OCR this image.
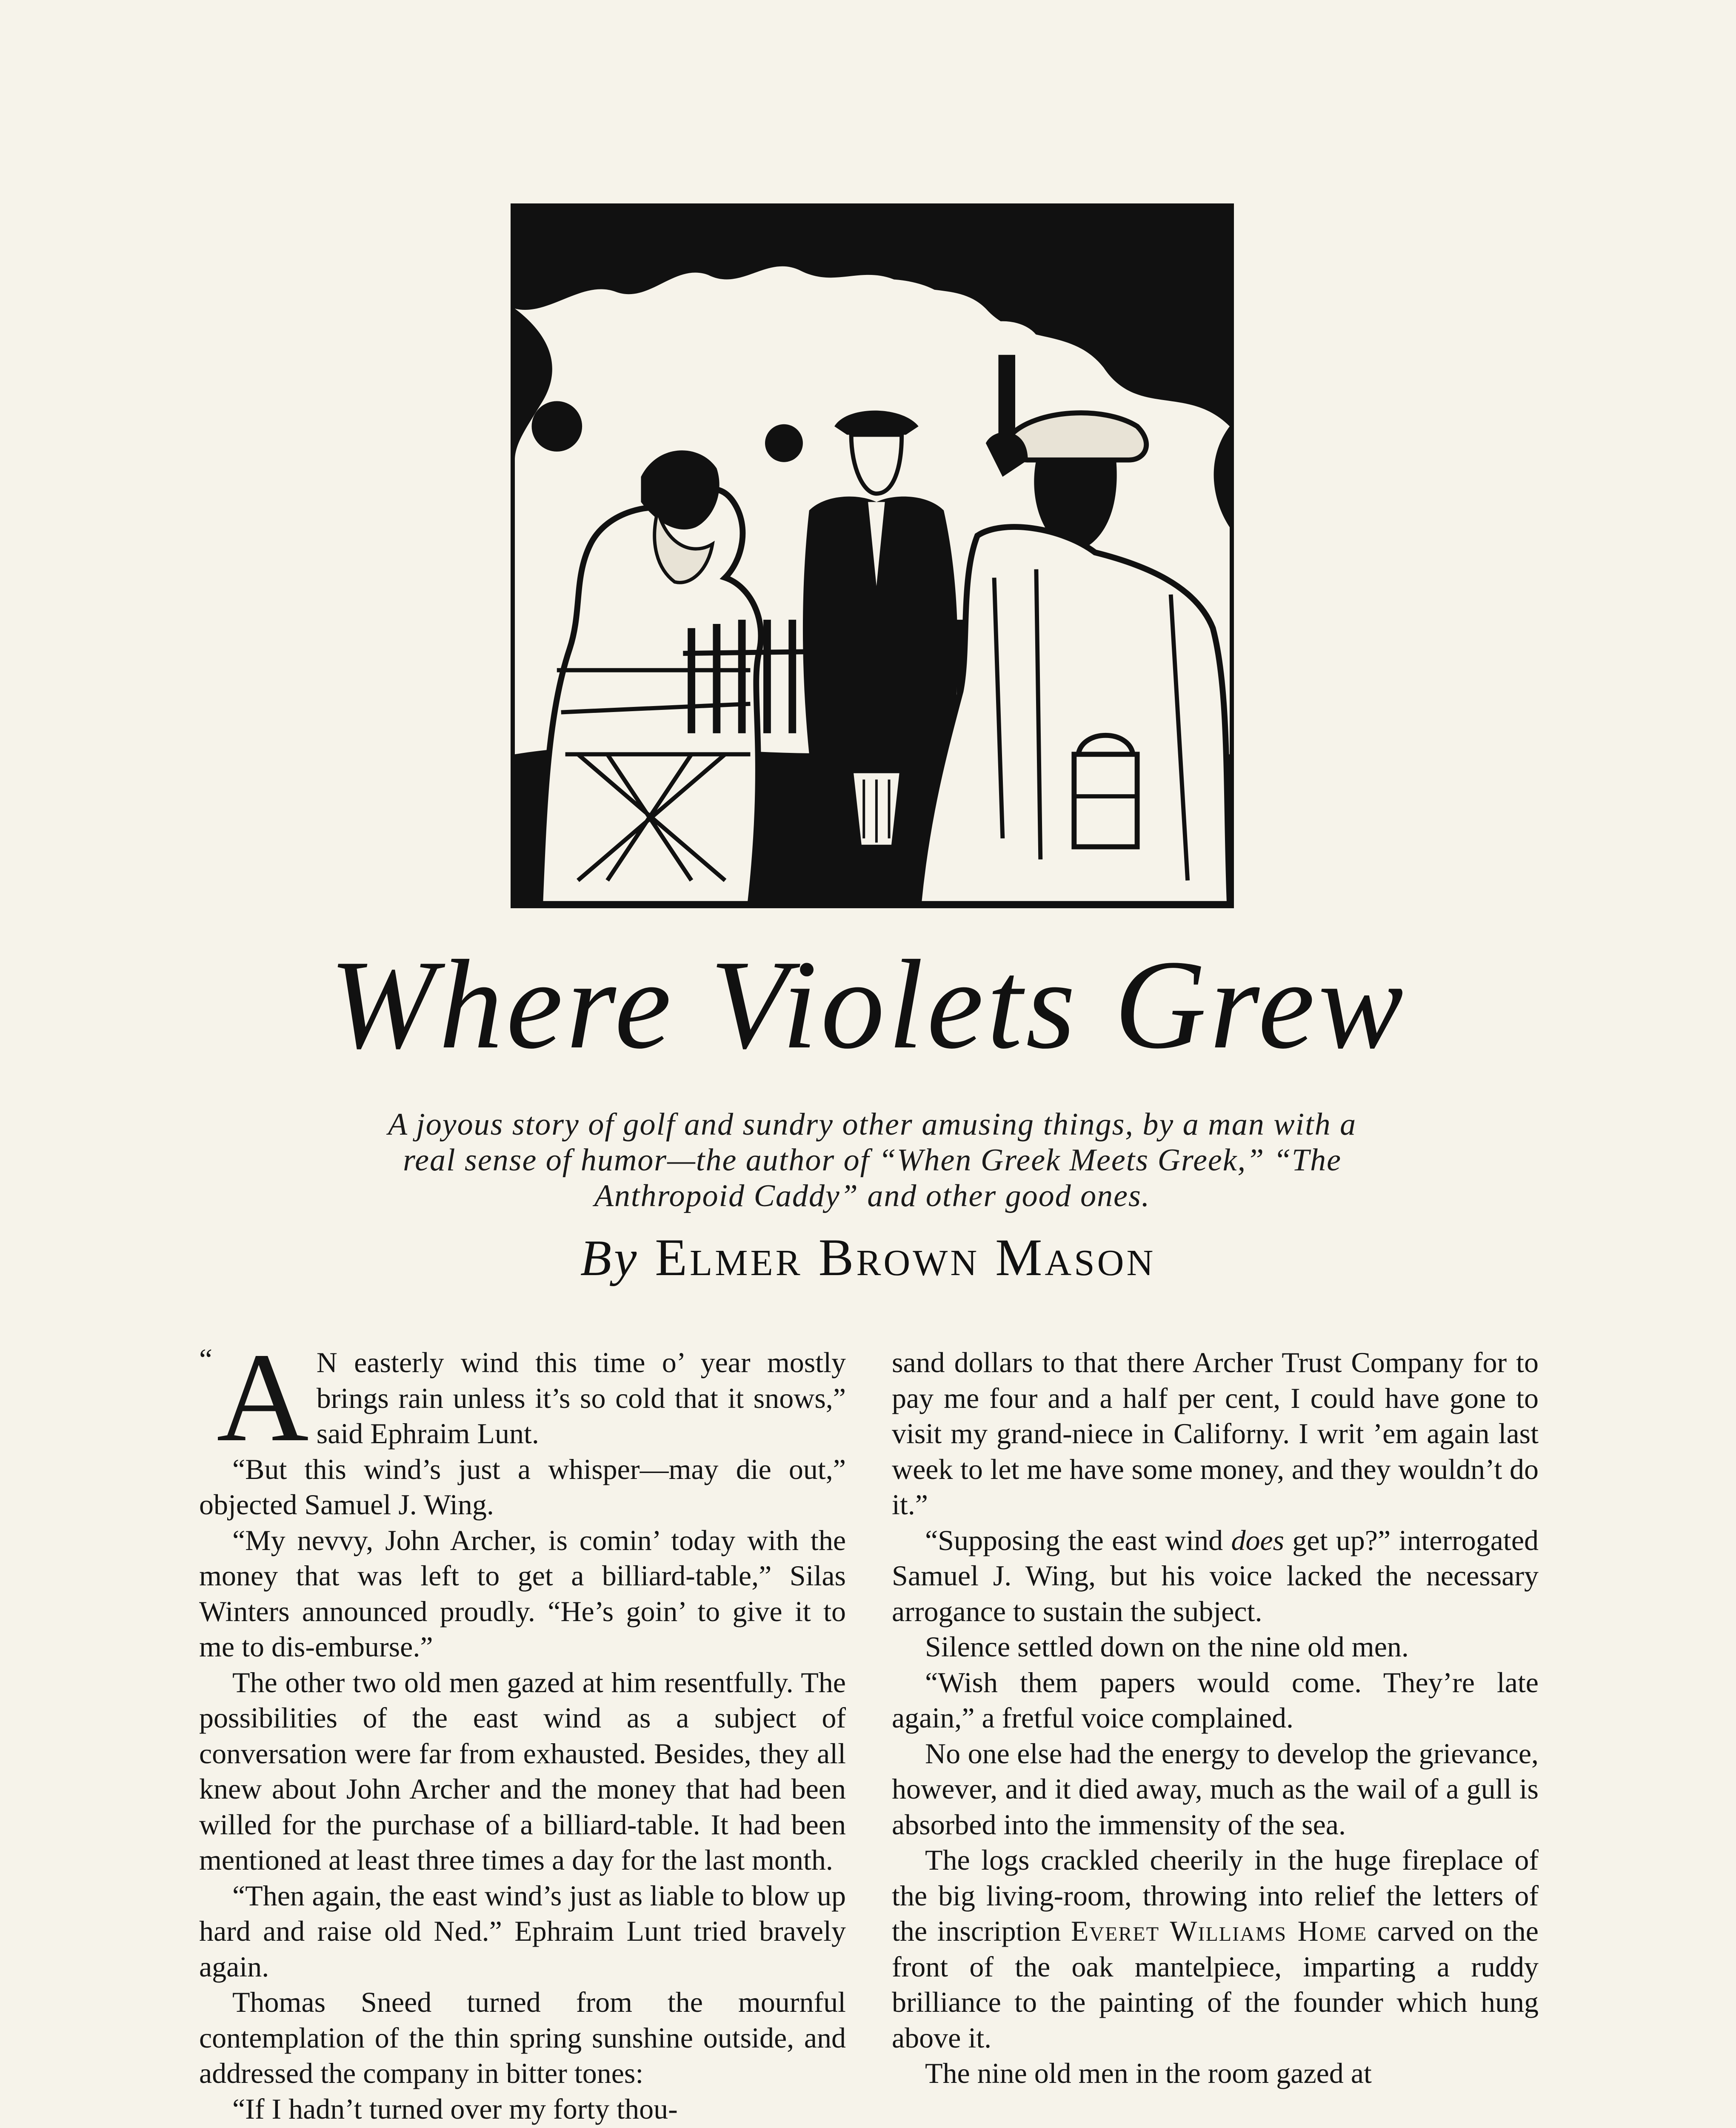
Where Violets Grew
A joyous story of golf and sundry other amusing things, by a man with a real sense of humor—the author of “When Greek Meets Greek,” “The Anthropoid Caddy” and other good ones.
By Elmer Brown Mason

“ A N easterly wind this time o’ year mostly brings rain unless it’s so cold that it snows,” said Ephraim Lunt.

“But this wind’s just a whisper—may die out,” objected Samuel J. Wing.

“My nevvy, John Archer, is comin’ today with the money that was left to get a billiard-table,” Silas Winters announced proudly. “He’s goin’ to give it to me to dis-emburse.”

The other two old men gazed at him resentfully. The possibilities of the east wind as a subject of conversation were far from exhausted. Besides, they all knew about John Archer and the money that had been willed for the purchase of a billiard-table. It had been mentioned at least three times a day for the last month.

“Then again, the east wind’s just as liable to blow up hard and raise old Ned.” Ephraim Lunt tried bravely again.

Thomas Sneed turned from the mournful contemplation of the thin spring sunshine outside, and addressed the company in bitter tones:

“If I hadn’t turned over my forty thou-

sand dollars to that there Archer Trust Company for to pay me four and a half per cent, I could have gone to visit my grand-niece in Californy. I writ ’em again last week to let me have some money, and they wouldn’t do it.”

“Supposing the east wind does get up?” interrogated Samuel J. Wing, but his voice lacked the necessary arrogance to sustain the subject.

Silence settled down on the nine old men.

“Wish them papers would come. They’re late again,” a fretful voice complained.

No one else had the energy to develop the grievance, however, and it died away, much as the wail of a gull is absorbed into the immensity of the sea.

The logs crackled cheerily in the huge fireplace of the big living-room, throwing into relief the letters of the inscription Everet Williams Home carved on the front of the oak mantelpiece, imparting a ruddy brilliance to the painting of the founder which hung above it.

The nine old men in the room gazed at
